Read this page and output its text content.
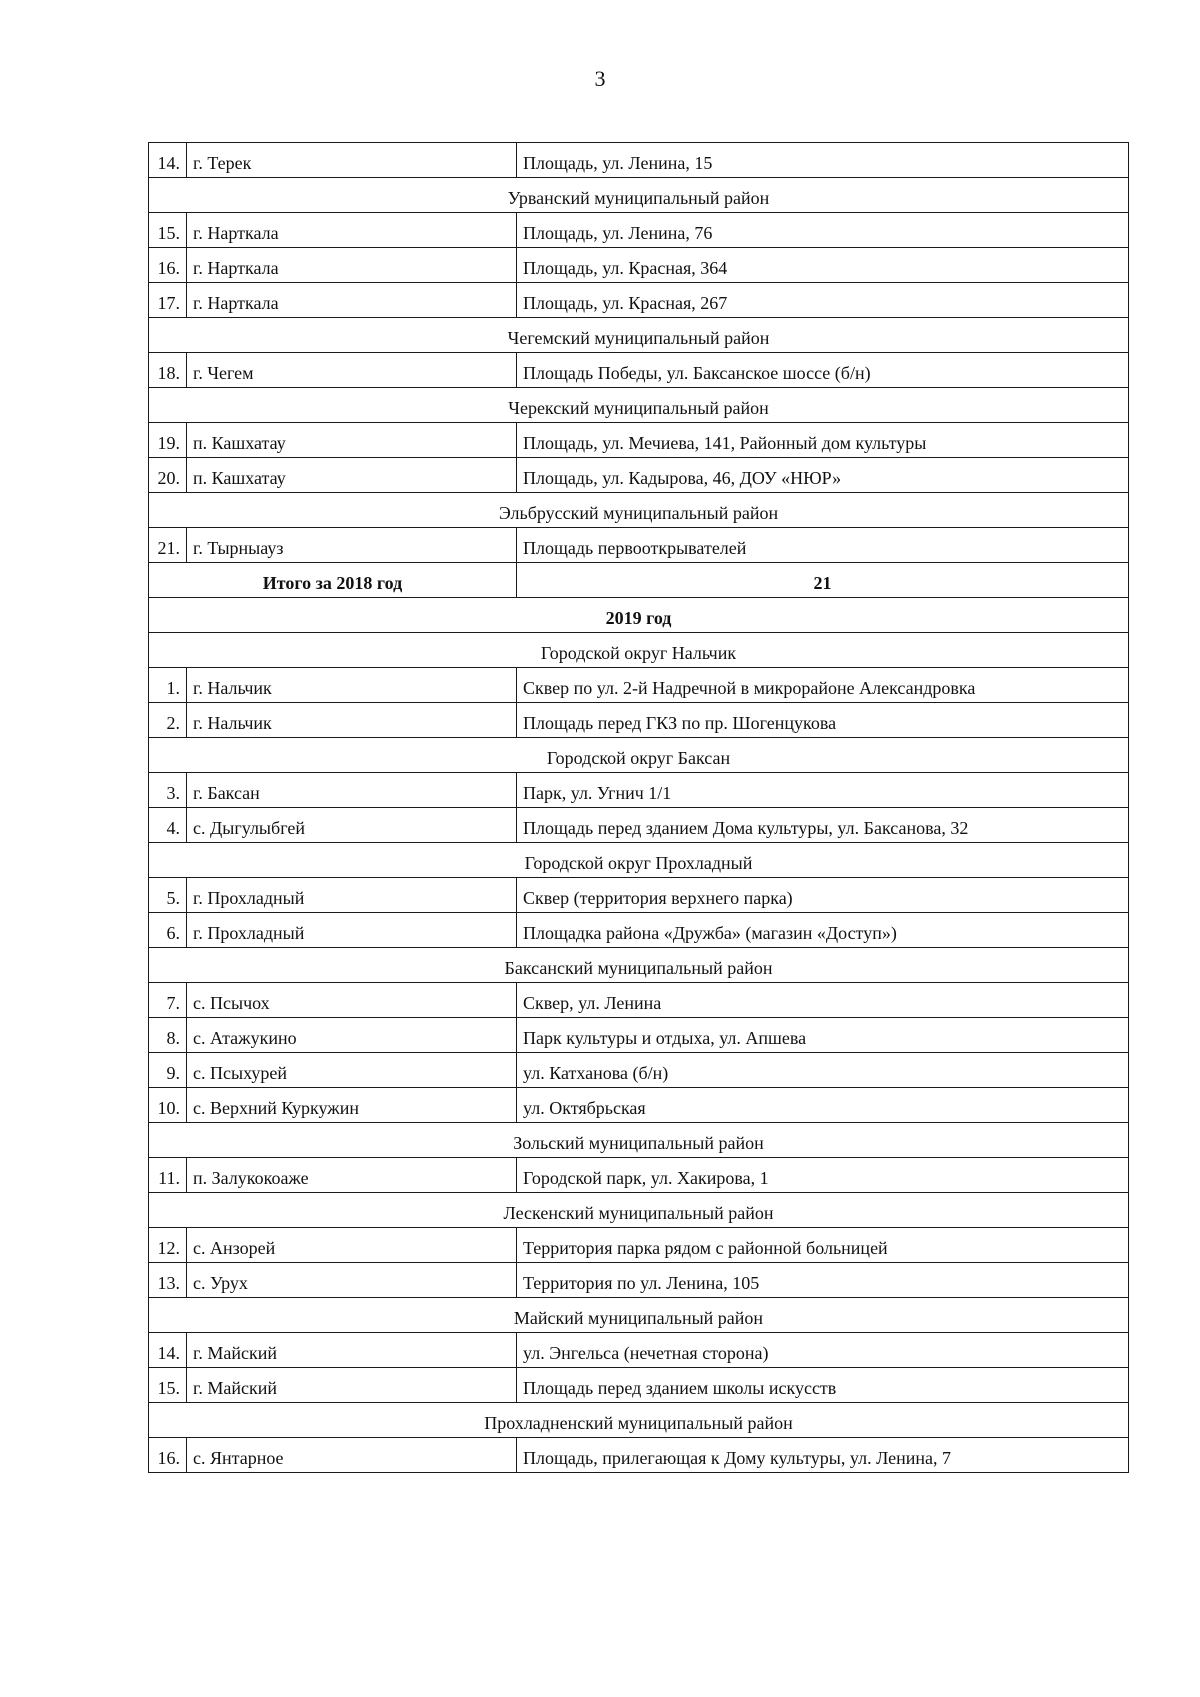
3
14.	г. Терек	Площадь, ул. Ленина, 15
Урванский муниципальный район		
15.	г. Нарткала	Площадь, ул. Ленина, 76
16.	г. Нарткала	Площадь, ул. Красная, 364
17.	г. Нарткала	Площадь, ул. Красная, 267
Чегемский муниципальный район		
18.	г. Чегем	Площадь Победы, ул. Баксанское шоссе (б/н)
Черекский муниципальный район		
19.	п. Кашхатау	Площадь, ул. Мечиева, 141, Районный дом культуры
20.	п. Кашхатау	Площадь, ул. Кадырова, 46, ДОУ «НЮР»
Эльбрусский муниципальный район		
21.	г. Тырныауз	Площадь первооткрывателей
Итого за 2018 год		21
2019 год		
Городской округ Нальчик		
1.	г. Нальчик	Сквер по ул. 2-й Надречной в микрорайоне Александровка
2.	г. Нальчик	Площадь перед ГКЗ по пр. Шогенцукова
Городской округ Баксан		
3.	г. Баксан	Парк, ул. Угнич 1/1
4.	с. Дыгулыбгей	Площадь перед зданием Дома культуры, ул. Баксанова, 32
Городской округ Прохладный		
5.	г. Прохладный	Сквер (территория верхнего парка)
6.	г. Прохладный	Площадка района «Дружба» (магазин «Доступ»)
Баксанский муниципальный район		
7.	с. Псычох	Сквер, ул. Ленина
8.	с. Атажукино	Парк культуры и отдыха, ул. Апшева
9.	с. Псыхурей	ул. Катханова (б/н)
10.	с. Верхний Куркужин	ул. Октябрьская
Зольский муниципальный район		
11.	п. Залукокоаже	Городской парк, ул. Хакирова, 1
Лескенский муниципальный район		
12.	с. Анзорей	Территория парка рядом с районной больницей
13.	с. Урух	Территория по ул. Ленина, 105
Майский муниципальный район		
14.	г. Майский	ул. Энгельса (нечетная сторона)
15.	г. Майский	Площадь перед зданием школы искусств
Прохладненский муниципальный район		
16.	с. Янтарное	Площадь, прилегающая к Дому культуры, ул. Ленина, 7
